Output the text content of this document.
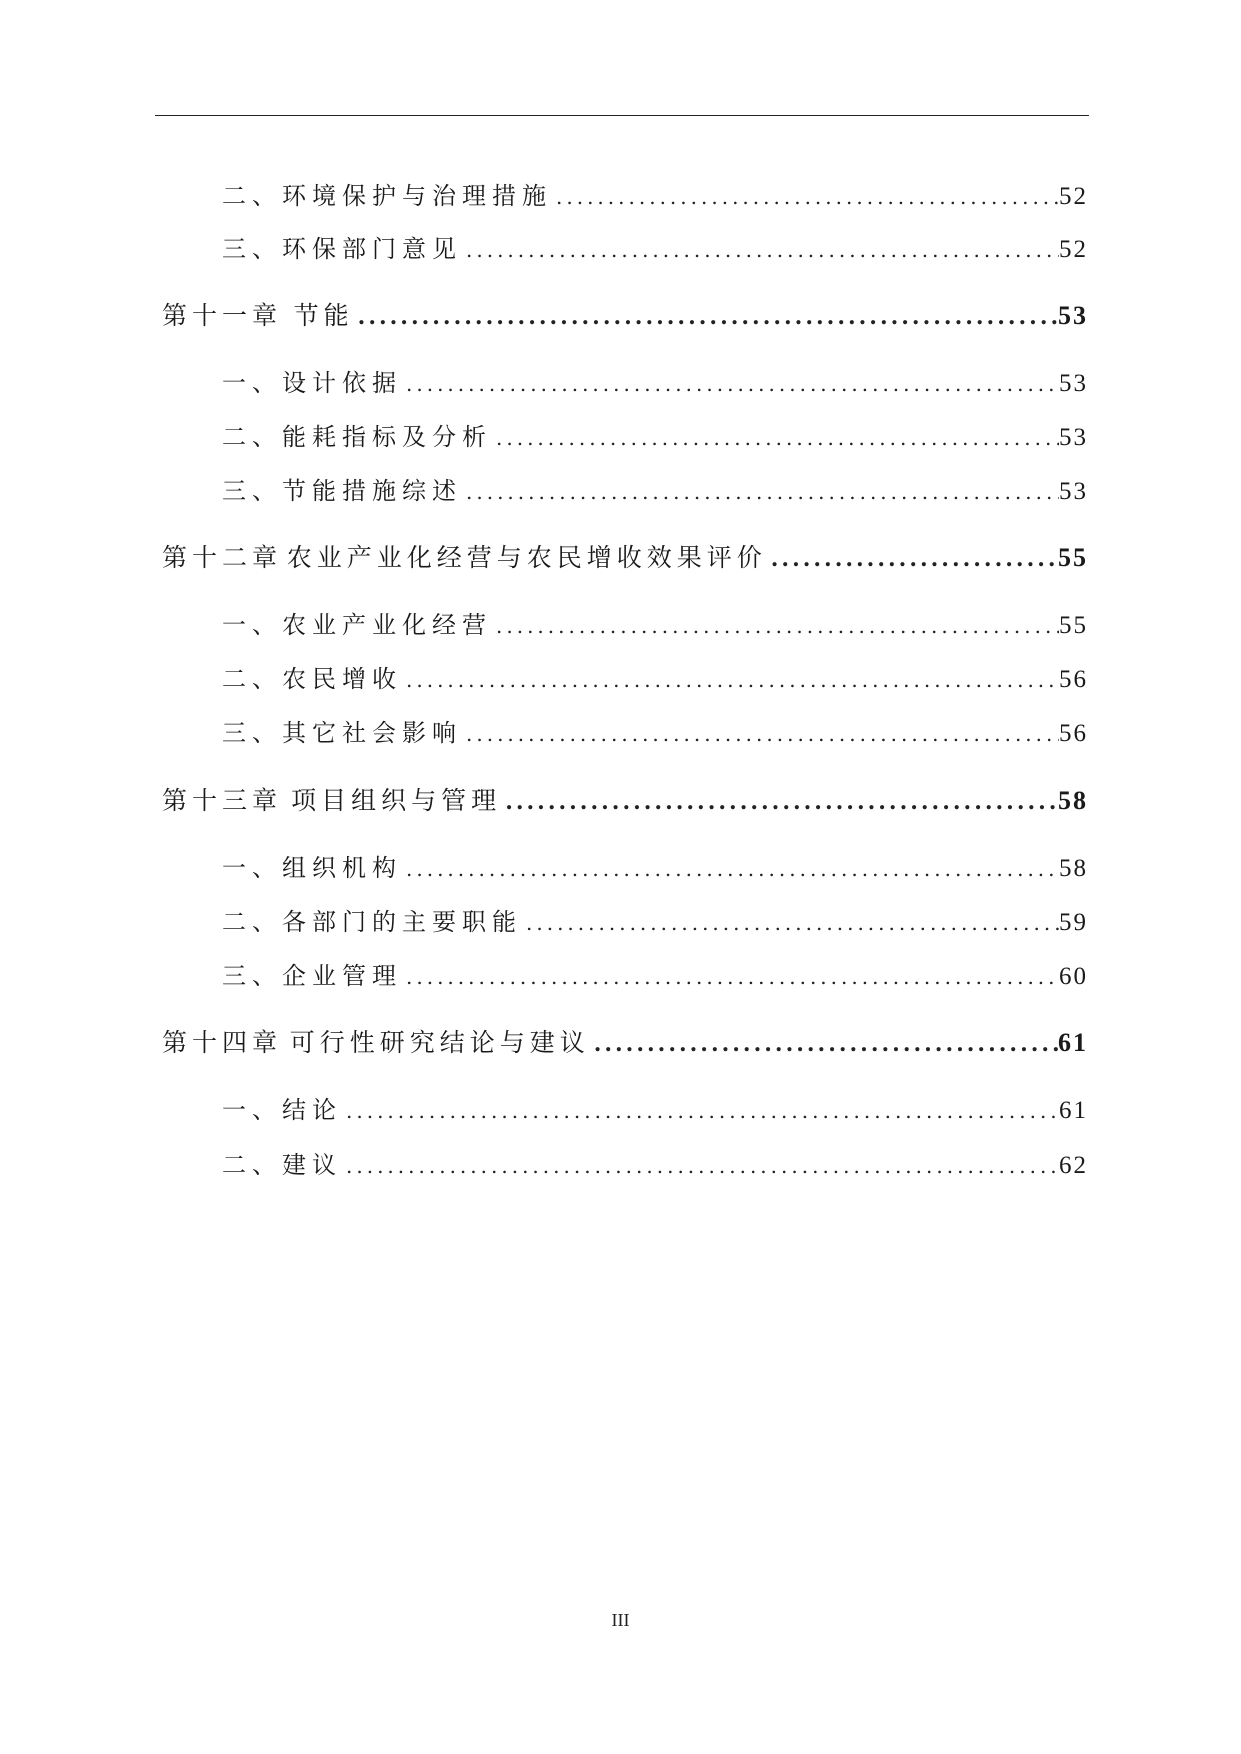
二、环境保护与治理措施 .....	52
三、环保部门意见 .....	52
第十一章 节能 .....	53
一、设计依据 .....	53
二、能耗指标及分析 .....	53
三、节能措施综述 .....	53
第十二章 农业产业化经营与农民增收效果评价 .....	55
一、农业产业化经营 .....	55
二、农民增收 .....	56
三、其它社会影响 .....	56
第十三章 项目组织与管理 .....	58
一、组织机构 .....	58
二、各部门的主要职能 .....	59
三、企业管理 .....	60
第十四章 可行性研究结论与建议 .....	61
一、结论 .....	61
二、建议 .....	62
III
